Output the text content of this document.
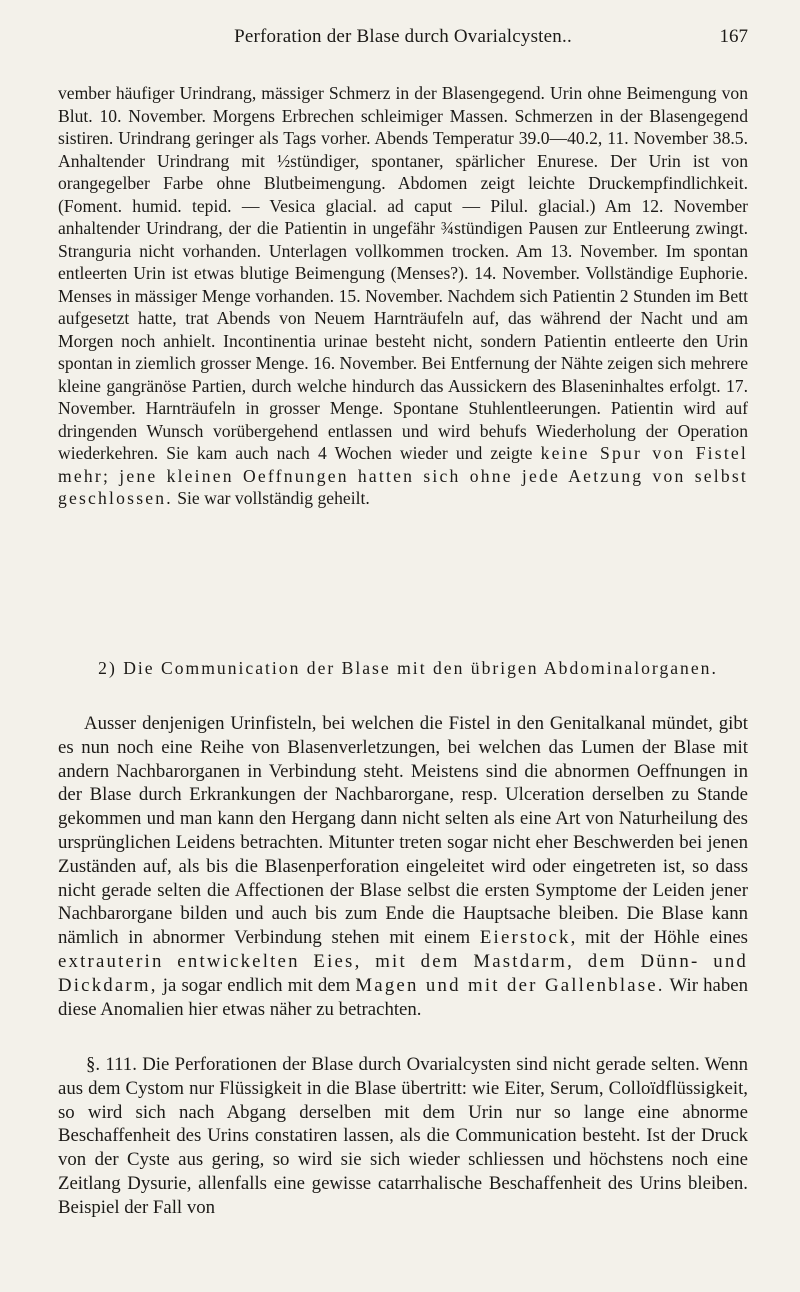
Perforation der Blase durch Ovarialcysten..	167

vember häufiger Urindrang, mässiger Schmerz in der Blasengegend. Urin ohne Beimengung von Blut. 10. November. Morgens Erbrechen schleimiger Massen. Schmerzen in der Blasengegend sistiren. Urindrang geringer als Tags vorher. Abends Temperatur 39.0—40.2, 11. November 38.5. Anhaltender Urindrang mit ½stündiger, spontaner, spärlicher Enurese. Der Urin ist von orangegelber Farbe ohne Blutbeimengung. Abdomen zeigt leichte Druckempfindlichkeit. (Foment. humid. tepid. — Vesica glacial. ad caput — Pilul. glacial.) Am 12. November anhaltender Urindrang, der die Patientin in ungefähr ¾stündigen Pausen zur Entleerung zwingt. Stranguria nicht vorhanden. Unterlagen vollkommen trocken. Am 13. November. Im spontan entleerten Urin ist etwas blutige Beimengung (Menses?). 14. November. Vollständige Euphorie. Menses in mässiger Menge vorhanden. 15. November. Nachdem sich Patientin 2 Stunden im Bett aufgesetzt hatte, trat Abends von Neuem Harnträufeln auf, das während der Nacht und am Morgen noch anhielt. Incontinentia urinae besteht nicht, sondern Patientin entleerte den Urin spontan in ziemlich grosser Menge. 16. November. Bei Entfernung der Nähte zeigen sich mehrere kleine gangränöse Partien, durch welche hindurch das Aussickern des Blaseninhaltes erfolgt. 17. November. Harnträufeln in grosser Menge. Spontane Stuhlentleerungen. Patientin wird auf dringenden Wunsch vorübergehend entlassen und wird behufs Wiederholung der Operation wiederkehren. Sie kam auch nach 4 Wochen wieder und zeigte keine Spur von Fistel mehr; jene kleinen Oeffnungen hatten sich ohne jede Aetzung von selbst geschlossen. Sie war vollständig geheilt.

2) Die Communication der Blase mit den übrigen Abdominalorganen.

Ausser denjenigen Urinfisteln, bei welchen die Fistel in den Genitalkanal mündet, gibt es nun noch eine Reihe von Blasenverletzungen, bei welchen das Lumen der Blase mit andern Nachbarorganen in Verbindung steht. Meistens sind die abnormen Oeffnungen in der Blase durch Erkrankungen der Nachbarorgane, resp. Ulceration derselben zu Stande gekommen und man kann den Hergang dann nicht selten als eine Art von Naturheilung des ursprünglichen Leidens betrachten. Mitunter treten sogar nicht eher Beschwerden bei jenen Zuständen auf, als bis die Blasenperforation eingeleitet wird oder eingetreten ist, so dass nicht gerade selten die Affectionen der Blase selbst die ersten Symptome der Leiden jener Nachbarorgane bilden und auch bis zum Ende die Hauptsache bleiben. Die Blase kann nämlich in abnormer Verbindung stehen mit einem Eierstock, mit der Höhle eines extrauterin entwickelten Eies, mit dem Mastdarm, dem Dünn- und Dickdarm, ja sogar endlich mit dem Magen und mit der Gallenblase. Wir haben diese Anomalien hier etwas näher zu betrachten.

§. 111. Die Perforationen der Blase durch Ovarialcysten sind nicht gerade selten. Wenn aus dem Cystom nur Flüssigkeit in die Blase übertritt: wie Eiter, Serum, Colloïdflüssigkeit, so wird sich nach Abgang derselben mit dem Urin nur so lange eine abnorme Beschaffenheit des Urins constatiren lassen, als die Communication besteht. Ist der Druck von der Cyste aus gering, so wird sie sich wieder schliessen und höchstens noch eine Zeitlang Dysurie, allenfalls eine gewisse catarrhalische Beschaffenheit des Urins bleiben. Beispiel der Fall von
